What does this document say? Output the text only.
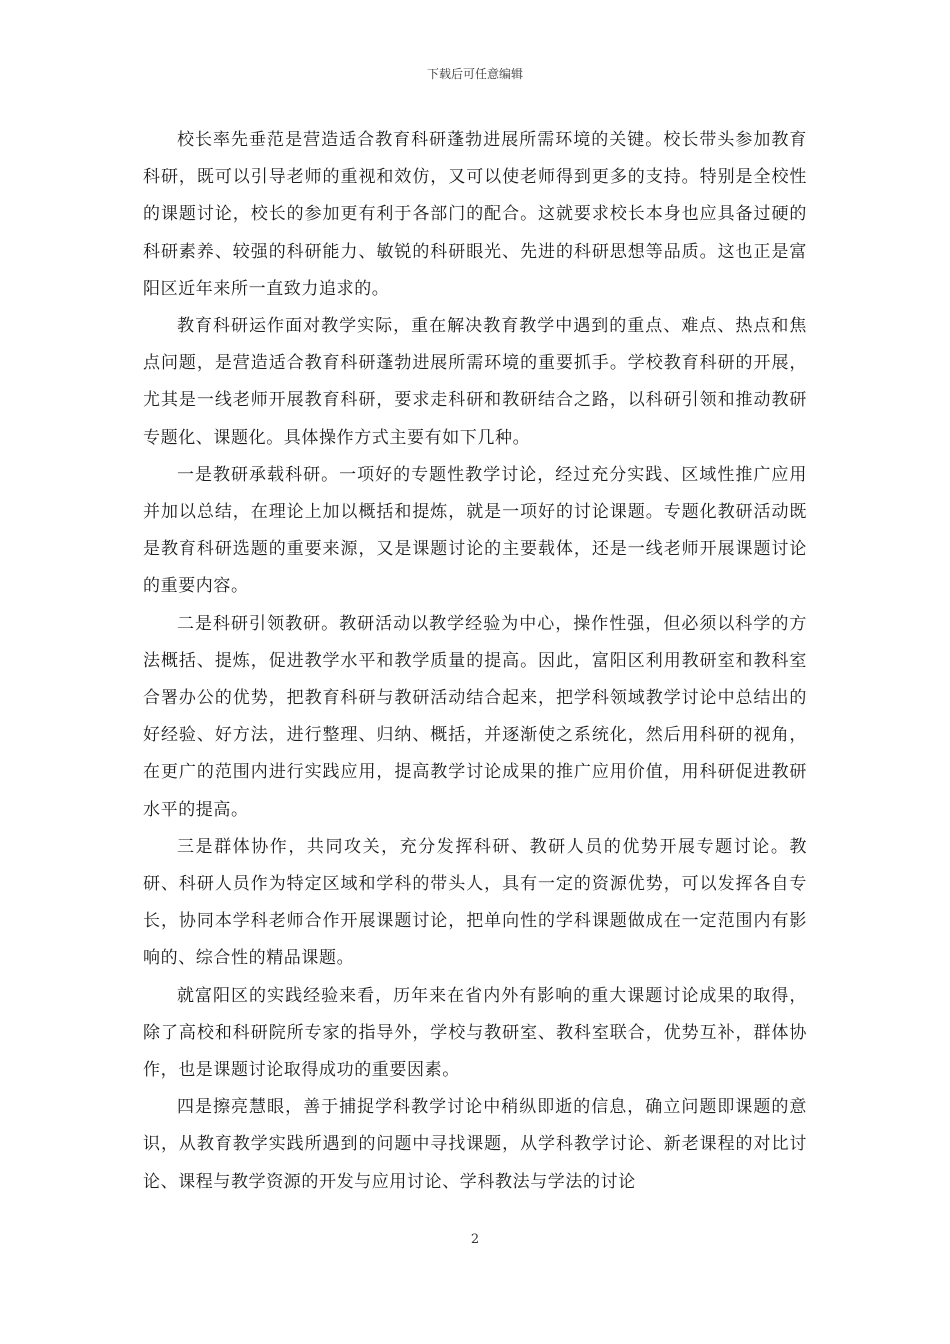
下载后可任意编辑

校长率先垂范是营造适合教育科研蓬勃进展所需环境的关键。校长带头参加教育科研，既可以引导老师的重视和效仿，又可以使老师得到更多的支持。特别是全校性的课题讨论，校长的参加更有利于各部门的配合。这就要求校长本身也应具备过硬的科研素养、较强的科研能力、敏锐的科研眼光、先进的科研思想等品质。这也正是富阳区近年来所一直致力追求的。

教育科研运作面对教学实际，重在解决教育教学中遇到的重点、难点、热点和焦点问题，是营造适合教育科研蓬勃进展所需环境的重要抓手。学校教育科研的开展，尤其是一线老师开展教育科研，要求走科研和教研结合之路，以科研引领和推动教研专题化、课题化。具体操作方式主要有如下几种。

一是教研承载科研。一项好的专题性教学讨论，经过充分实践、区域性推广应用并加以总结，在理论上加以概括和提炼，就是一项好的讨论课题。专题化教研活动既是教育科研选题的重要来源，又是课题讨论的主要载体，还是一线老师开展课题讨论的重要内容。

二是科研引领教研。教研活动以教学经验为中心，操作性强，但必须以科学的方法概括、提炼，促进教学水平和教学质量的提高。因此，富阳区利用教研室和教科室合署办公的优势，把教育科研与教研活动结合起来，把学科领域教学讨论中总结出的好经验、好方法，进行整理、归纳、概括，并逐渐使之系统化，然后用科研的视角，在更广的范围内进行实践应用，提高教学讨论成果的推广应用价值，用科研促进教研水平的提高。

三是群体协作，共同攻关，充分发挥科研、教研人员的优势开展专题讨论。教研、科研人员作为特定区域和学科的带头人，具有一定的资源优势，可以发挥各自专长，协同本学科老师合作开展课题讨论，把单向性的学科课题做成在一定范围内有影响的、综合性的精品课题。

就富阳区的实践经验来看，历年来在省内外有影响的重大课题讨论成果的取得，除了高校和科研院所专家的指导外，学校与教研室、教科室联合，优势互补，群体协作，也是课题讨论取得成功的重要因素。

四是擦亮慧眼，善于捕捉学科教学讨论中稍纵即逝的信息，确立问题即课题的意识，从教育教学实践所遇到的问题中寻找课题，从学科教学讨论、新老课程的对比讨论、课程与教学资源的开发与应用讨论、学科教法与学法的讨论

2
